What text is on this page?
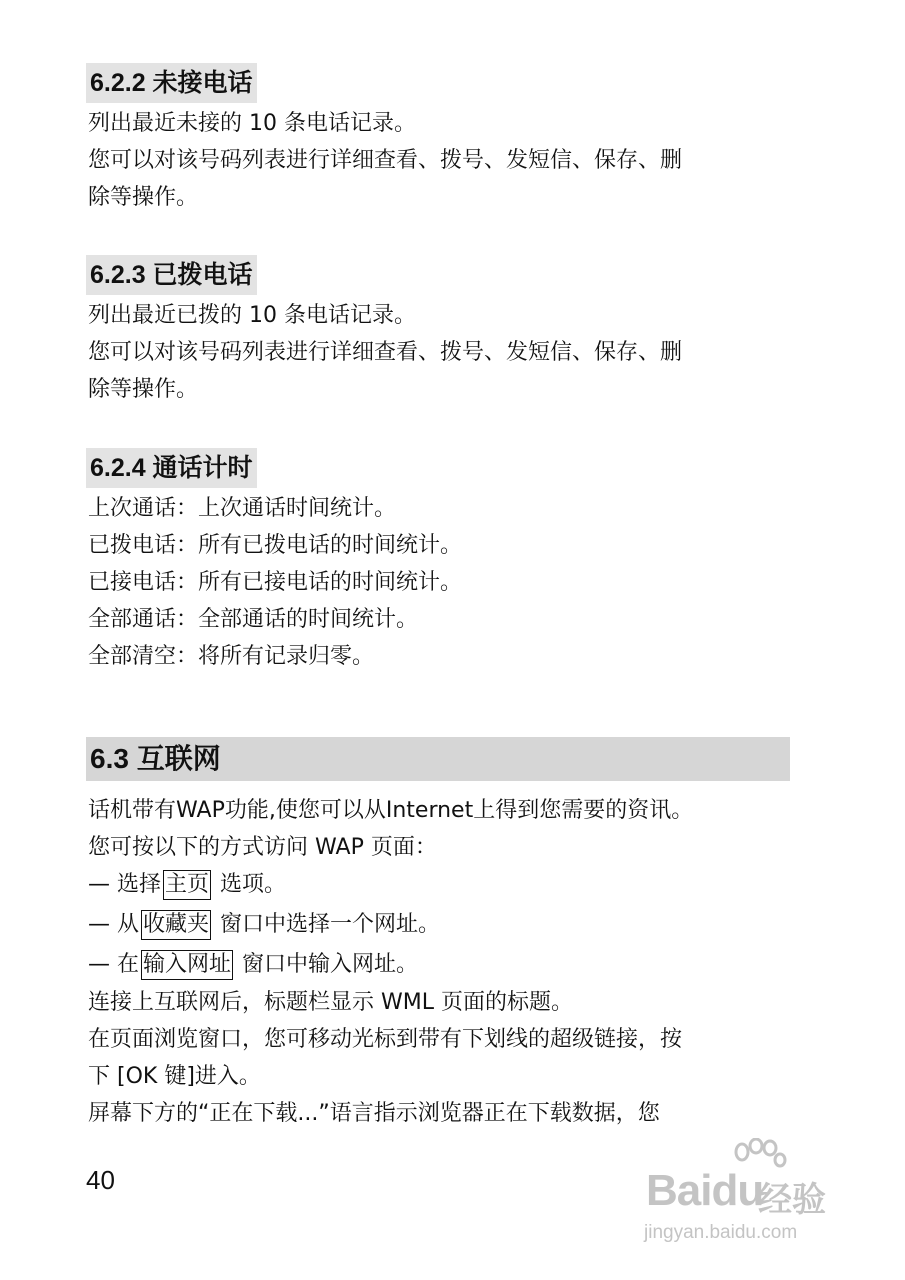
6.2.2 未接电话
列出最近未接的 10 条电话记录。
您可以对该号码列表进行详细查看、拨号、发短信、保存、删
除等操作。
6.2.3 已拨电话
列出最近已拨的 10 条电话记录。
您可以对该号码列表进行详细查看、拨号、发短信、保存、删
除等操作。
6.2.4 通话计时
上次通话：上次通话时间统计。
已拨电话：所有已拨电话的时间统计。
已接电话：所有已接电话的时间统计。
全部通话：全部通话的时间统计。
全部清空：将所有记录归零。
6.3 互联网
话机带有WAP功能,使您可以从Internet上得到您需要的资讯。
您可按以下的方式访问 WAP 页面：
— 选择 主页 选项。
— 从 收藏夹 窗口中选择一个网址。
— 在 输入网址 窗口中输入网址。
连接上互联网后，标题栏显示 WML 页面的标题。
在页面浏览窗口，您可移动光标到带有下划线的超级链接，按
下 [OK 键]进入。
屏幕下方的“正在下载...”语言指示浏览器正在下载数据，您
40	Baidu
经验
jingyan.baidu.com
